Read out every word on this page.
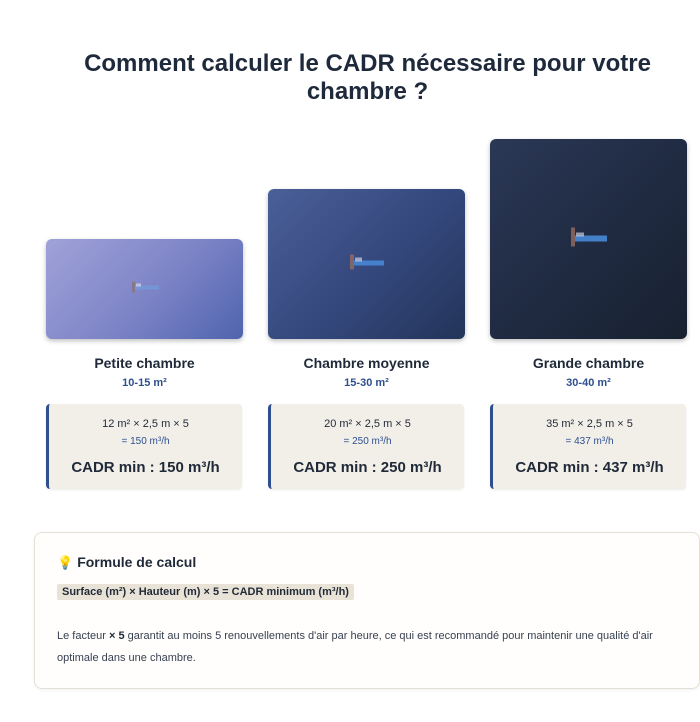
Comment calculer le CADR nécessaire pour votre chambre ?
Petite chambre
10-15 m²
12 m² × 2,5 m × 5
= 150 m³/h
CADR min : 150 m³/h
Chambre moyenne
15-30 m²
20 m² × 2,5 m × 5
= 250 m³/h
CADR min : 250 m³/h
Grande chambre
30-40 m²
35 m² × 2,5 m × 5
= 437 m³/h
CADR min : 437 m³/h
💡 Formule de calcul
Surface (m²) × Hauteur (m) × 5 = CADR minimum (m³/h)
Le facteur × 5 garantit au moins 5 renouvellements d'air par heure, ce qui est recommandé pour maintenir une qualité d'air optimale dans une chambre.
